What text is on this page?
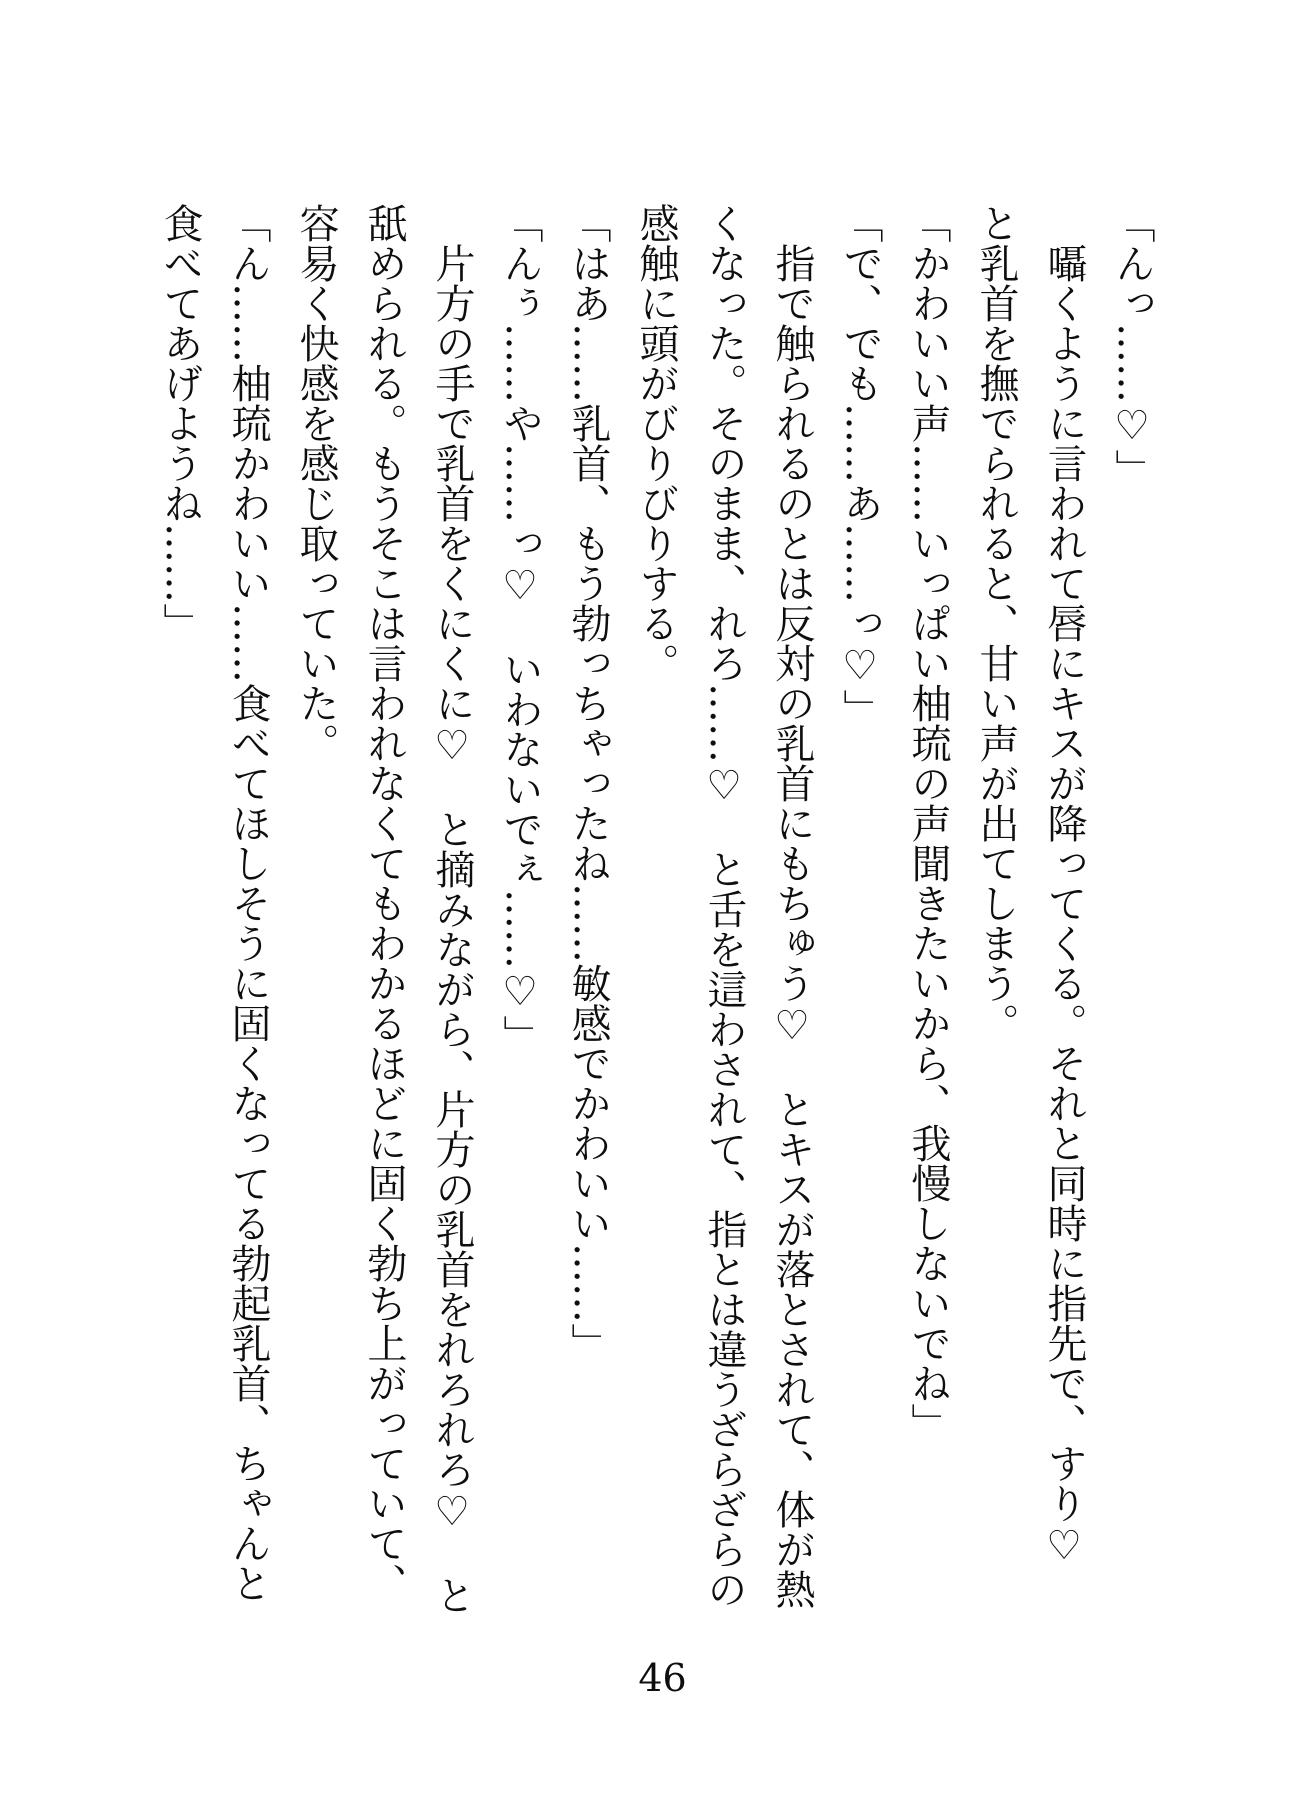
「んっ……♡」
囁くように言われて唇にキスが降ってくる。それと同時に指先で、すり♡
と乳首を撫でられると、甘い声が出てしまう。
「かわいい声……いっぱい柚琉の声聞きたいから、我慢しないでね」
「で、でも……あ……っ♡」
指で触られるのとは反対の乳首にもちゅう♡　とキスが落とされて、体が熱
くなった。そのまま、れろ……♡　と舌を這わされて、指とは違うざらざらの
感触に頭がびりびりする。
「はあ……乳首、もう勃っちゃったね……敏感でかわいい……」
「んぅ……や……っ♡　いわないでぇ……♡」
片方の手で乳首をくにくに♡　と摘みながら、片方の乳首をれろれろ♡　と
舐められる。もうそこは言われなくてもわかるほどに固く勃ち上がっていて、
容易く快感を感じ取っていた。
「ん……柚琉かわいい……食べてほしそうに固くなってる勃起乳首、ちゃんと
食べてあげようね……」
46
